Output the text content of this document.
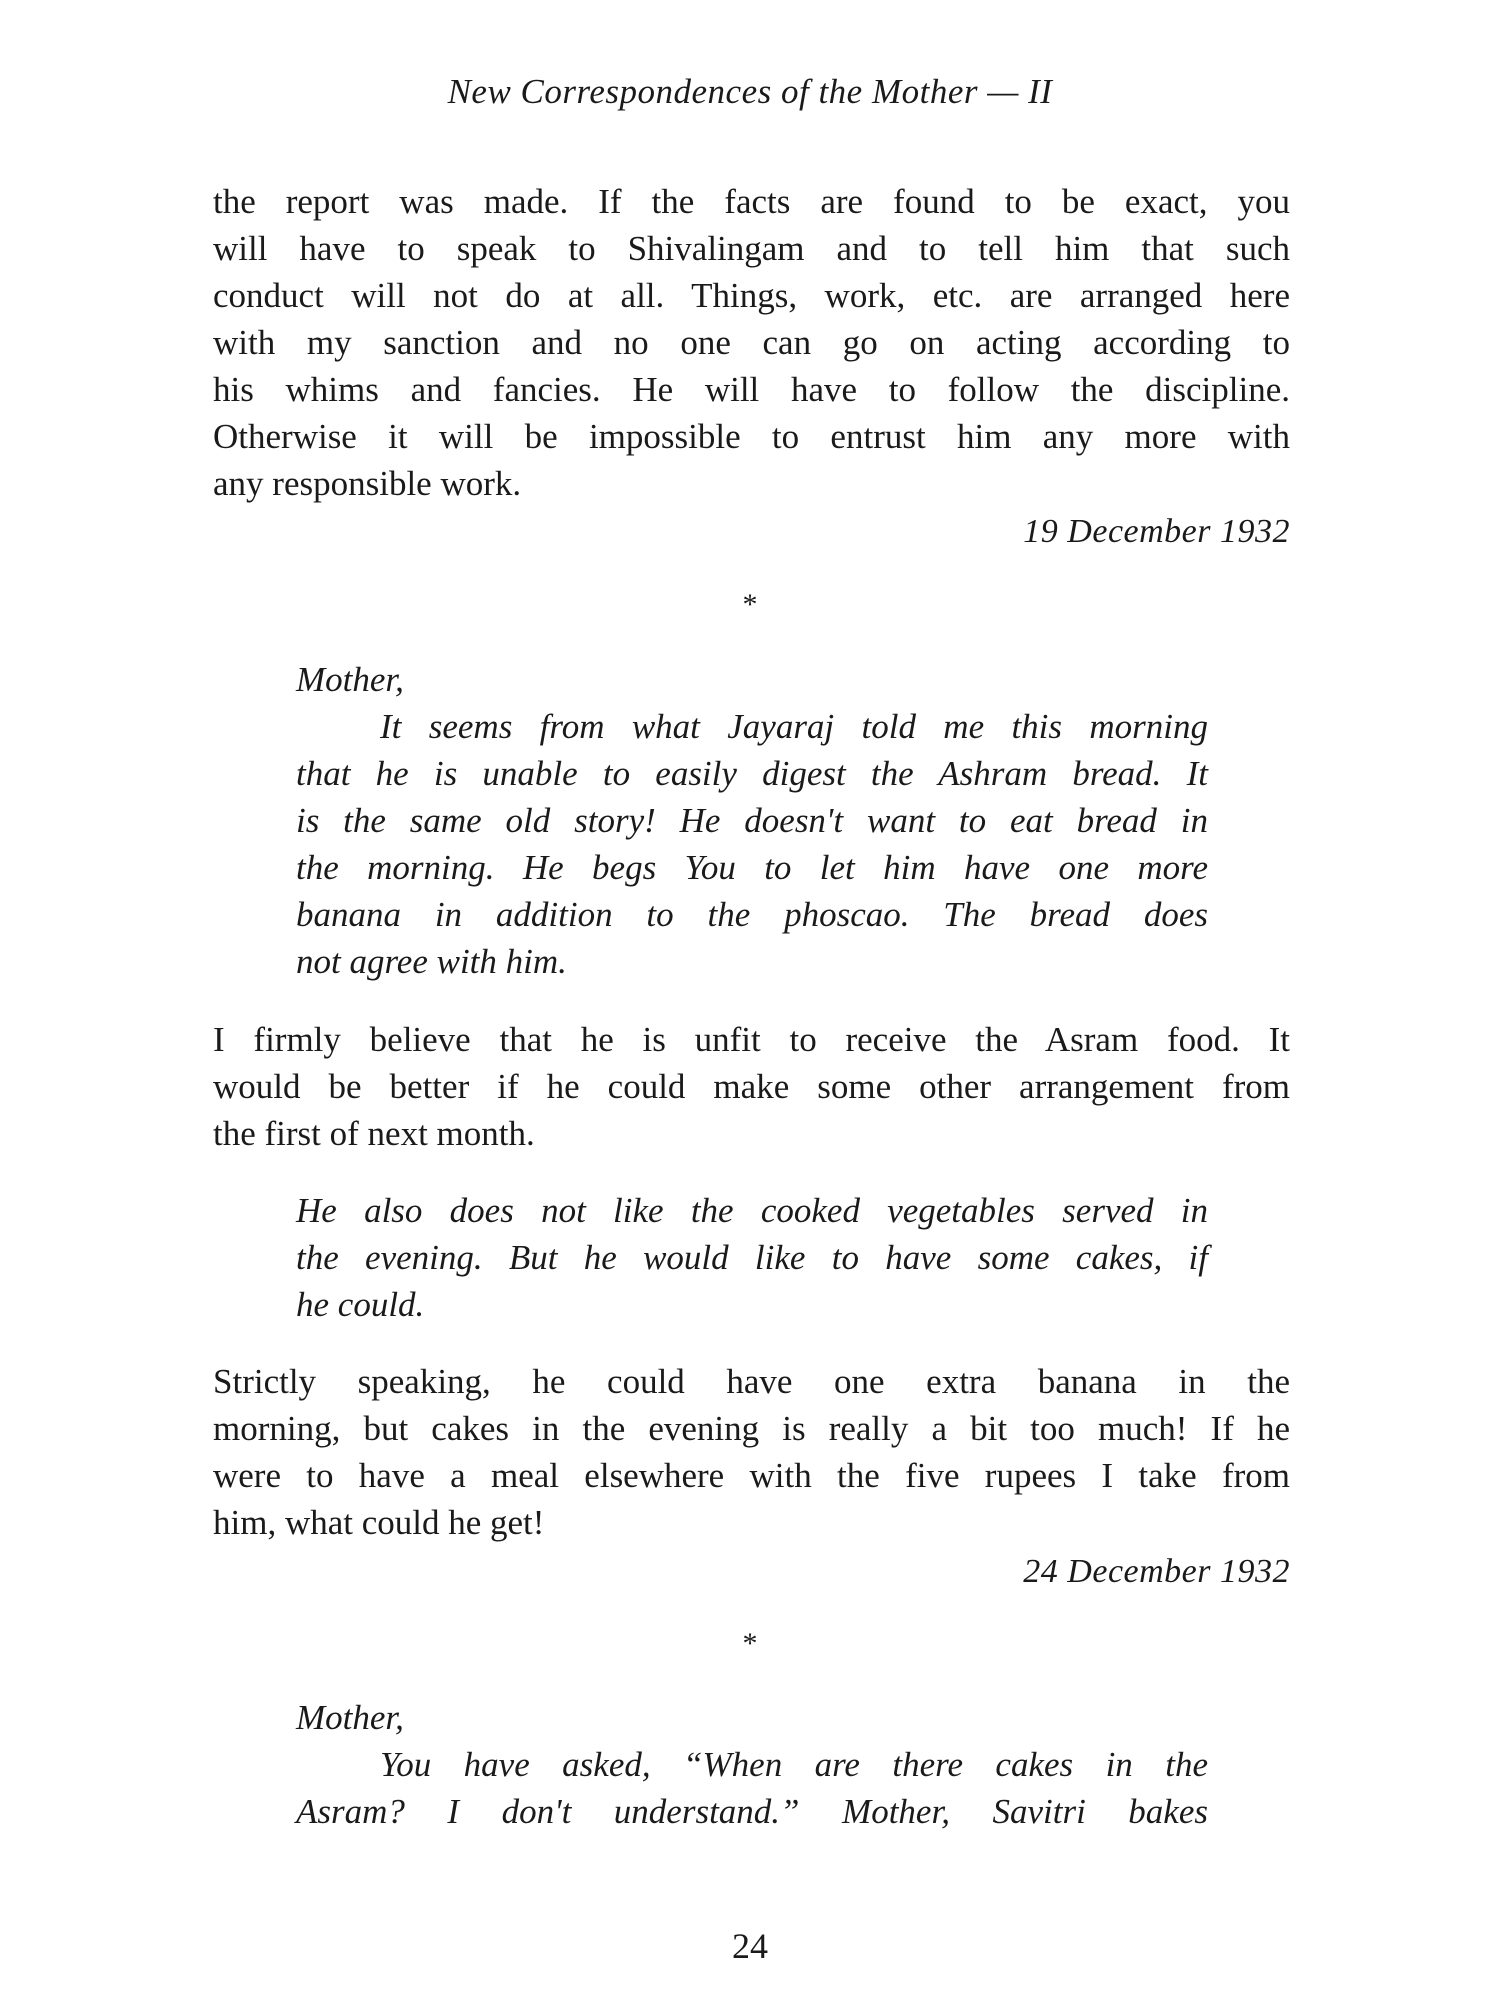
New Correspondences of the Mother — II
the report was made. If the facts are found to be exact, you
will have to speak to Shivalingam and to tell him that such
conduct will not do at all. Things, work, etc. are arranged here
with my sanction and no one can go on acting according to
his whims and fancies. He will have to follow the discipline.
Otherwise it will be impossible to entrust him any more with
any responsible work.
19 December 1932
*
Mother,
It seems from what Jayaraj told me this morning
that he is unable to easily digest the Ashram bread. It
is the same old story! He doesn't want to eat bread in
the morning. He begs You to let him have one more
banana in addition to the phoscao. The bread does
not agree with him.
I firmly believe that he is unfit to receive the Asram food. It
would be better if he could make some other arrangement from
the first of next month.
He also does not like the cooked vegetables served in
the evening. But he would like to have some cakes, if
he could.
Strictly speaking, he could have one extra banana in the
morning, but cakes in the evening is really a bit too much! If he
were to have a meal elsewhere with the five rupees I take from
him, what could he get!
24 December 1932
*
Mother,
You have asked, “When are there cakes in the
Asram? I don't understand.” Mother, Savitri bakes
24
